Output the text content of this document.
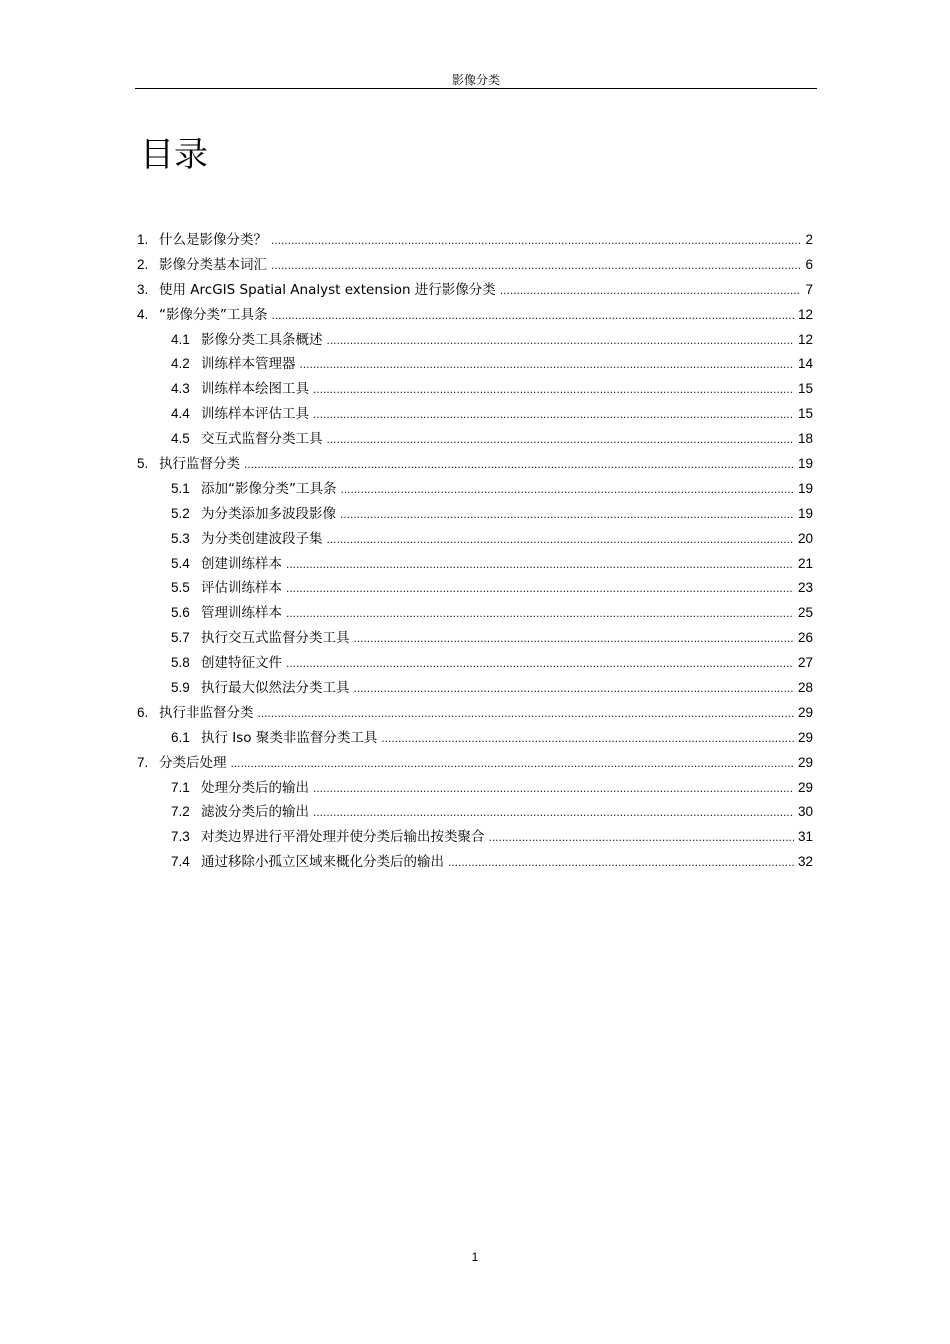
影像分类
目录
1. 什么是影像分类？ .....	2
2. 影像分类基本词汇 .....	6
3. 使用 ArcGIS Spatial Analyst extension 进行影像分类 .....	7
4. “影像分类”工具条 .....	12
4.1 影像分类工具条概述 .....	12
4.2 训练样本管理器 .....	14
4.3 训练样本绘图工具 .....	15
4.4 训练样本评估工具 .....	15
4.5 交互式监督分类工具 .....	18
5. 执行监督分类 .....	19
5.1 添加“影像分类”工具条 .....	19
5.2 为分类添加多波段影像 .....	19
5.3 为分类创建波段子集 .....	20
5.4 创建训练样本 .....	21
5.5 评估训练样本 .....	23
5.6 管理训练样本 .....	25
5.7 执行交互式监督分类工具 .....	26
5.8 创建特征文件 .....	27
5.9 执行最大似然法分类工具 .....	28
6. 执行非监督分类 .....	29
6.1 执行 Iso 聚类非监督分类工具 .....	29
7. 分类后处理 .....	29
7.1 处理分类后的输出 .....	29
7.2 滤波分类后的输出 .....	30
7.3 对类边界进行平滑处理并使分类后输出按类聚合 .....	31
7.4 通过移除小孤立区域来概化分类后的输出 .....	32
1
